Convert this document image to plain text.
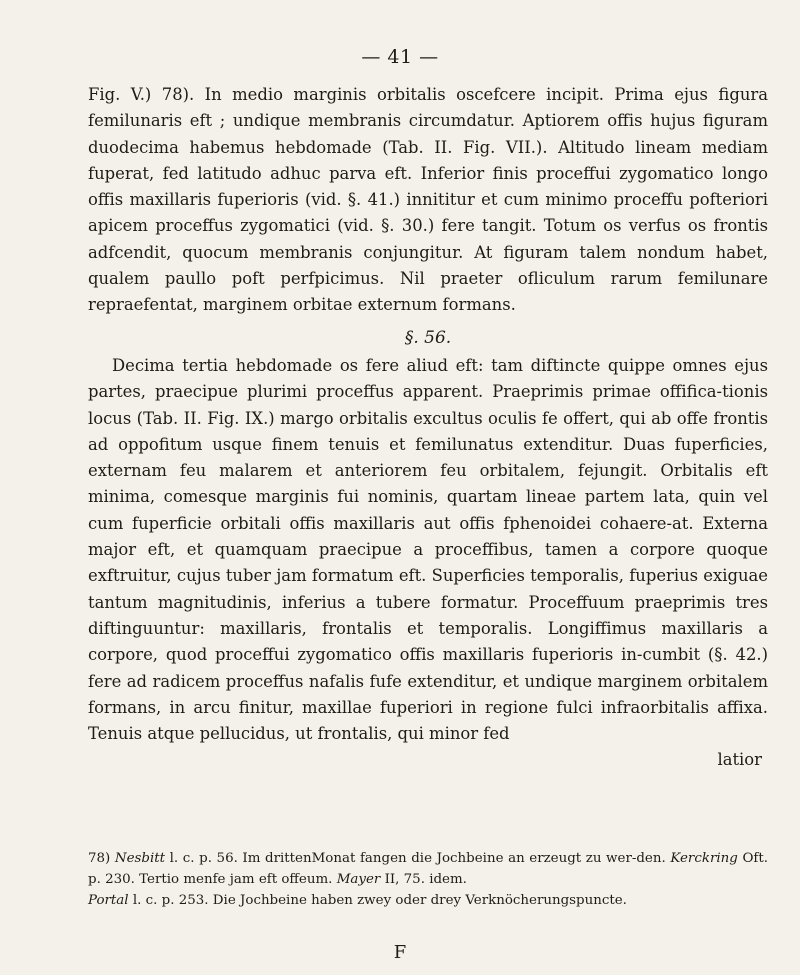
— 41 —

Fig. V.) 78). In medio marginis orbitalis oscefcere incipit. Prima ejus figura femilunaris eft ; undique membranis circumdatur. Aptiorem offis hujus figuram duodecima habemus hebdomade (Tab. II. Fig. VII.). Altitudo lineam mediam fuperat, fed latitudo adhuc parva eft. Inferior finis proceffui zygomatico longo offis maxillaris fuperioris (vid. §. 41.) innititur et cum minimo proceffu pofteriori apicem proceffus zygomatici (vid. §. 30.) fere tangit. Totum os verfus os frontis adfcendit, quocum membranis conjungitur. At figuram talem nondum habet, qualem paullo poft perfpicimus. Nil praeter ofliculum rarum femilunare repraefentat, marginem orbitae externum formans.

§. 56.

Decima tertia hebdomade os fere aliud eft: tam diftincte quippe omnes ejus partes, praecipue plurimi proceffus apparent. Praeprimis primae offifica-tionis locus (Tab. II. Fig. IX.) margo orbitalis excultus oculis fe offert, qui ab offe frontis ad oppofitum usque finem tenuis et femilunatus extenditur. Duas fuperficies, externam feu malarem et anteriorem feu orbitalem, fejungit. Orbitalis eft minima, comesque marginis fui nominis, quartam lineae partem lata, quin vel cum fuperficie orbitali offis maxillaris aut offis fphenoidei cohaere-at. Externa major eft, et quamquam praecipue a proceffibus, tamen a corpore quoque exftruitur, cujus tuber jam formatum eft. Superficies temporalis, fuperius exiguae tantum magnitudinis, inferius a tubere formatur. Proceffuum praeprimis tres diftinguuntur: maxillaris, frontalis et temporalis. Longiffimus maxillaris a corpore, quod proceffui zygomatico offis maxillaris fuperioris in-cumbit (§. 42.) fere ad radicem proceffus nafalis fufe extenditur, et undique marginem orbitalem formans, in arcu finitur, maxillae fuperiori in regione fulci infraorbitalis affixa. Tenuis atque pellucidus, ut frontalis, qui minor fed

latior
78) Nesbitt l. c. p. 56. Im drittenMonat fangen die Jochbeine an erzeugt zu wer-den. Kerckring Oft. p. 230. Tertio menfe jam eft offeum. Mayer II, 75. idem.
Portal l. c. p. 253. Die Jochbeine haben zwey oder drey Verknöcherungspuncte.
F
